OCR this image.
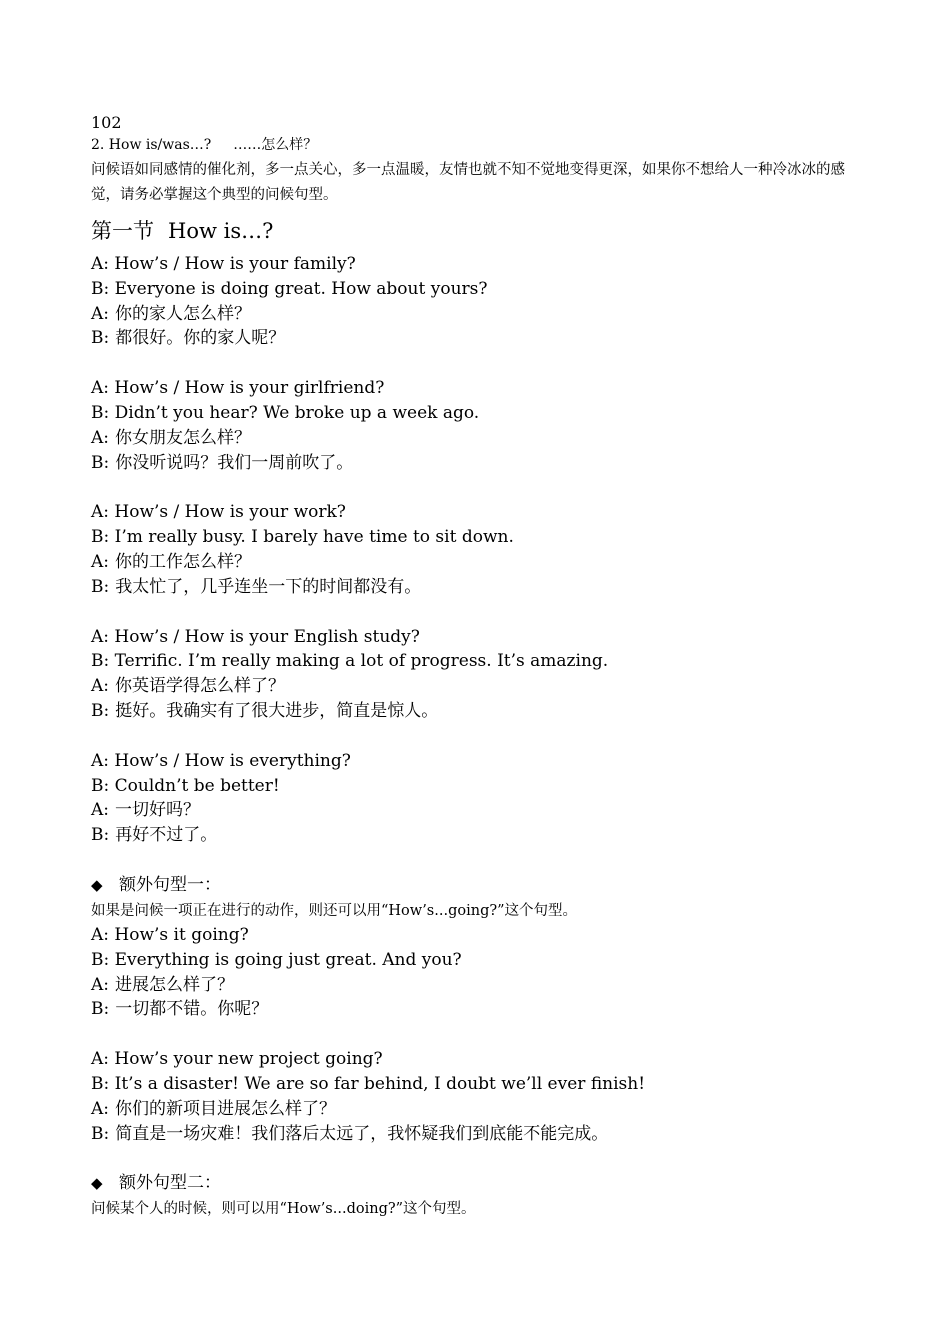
102
2. How is/was…? ……怎么样？

问候语如同感情的催化剂，多一点关心，多一点温暖，友情也就不知不觉地变得更深，如果你不想给人一种冷冰冰的感觉，请务必掌握这个典型的问候句型。

第一节 How is…?
A: How’s / How is your family?
B: Everyone is doing great. How about yours?
A: 你的家人怎么样？
B: 都很好。你的家人呢？
A: How’s / How is your girlfriend?
B: Didn’t you hear? We broke up a week ago.
A: 你女朋友怎么样？
B: 你没听说吗？我们一周前吹了。
A: How’s / How is your work?
B: I’m really busy. I barely have time to sit down.
A: 你的工作怎么样？
B: 我太忙了，几乎连坐一下的时间都没有。
A: How’s / How is your English study?
B: Terrific. I’m really making a lot of progress. It’s amazing.
A: 你英语学得怎么样了？
B: 挺好。我确实有了很大进步，简直是惊人。
A: How’s / How is everything?
B: Couldn’t be better!
A: 一切好吗？
B: 再好不过了。
◆ 额外句型一：
如果是问候一项正在进行的动作，则还可以用“How’s...going?”这个句型。
A: How’s it going?
B: Everything is going just great. And you?
A: 进展怎么样了？
B: 一切都不错。你呢？
A: How’s your new project going?
B: It’s a disaster! We are so far behind, I doubt we’ll ever finish!
A: 你们的新项目进展怎么样了？
B: 简直是一场灾难！我们落后太远了，我怀疑我们到底能不能完成。
◆ 额外句型二：
问候某个人的时候，则可以用“How’s...doing?”这个句型。
